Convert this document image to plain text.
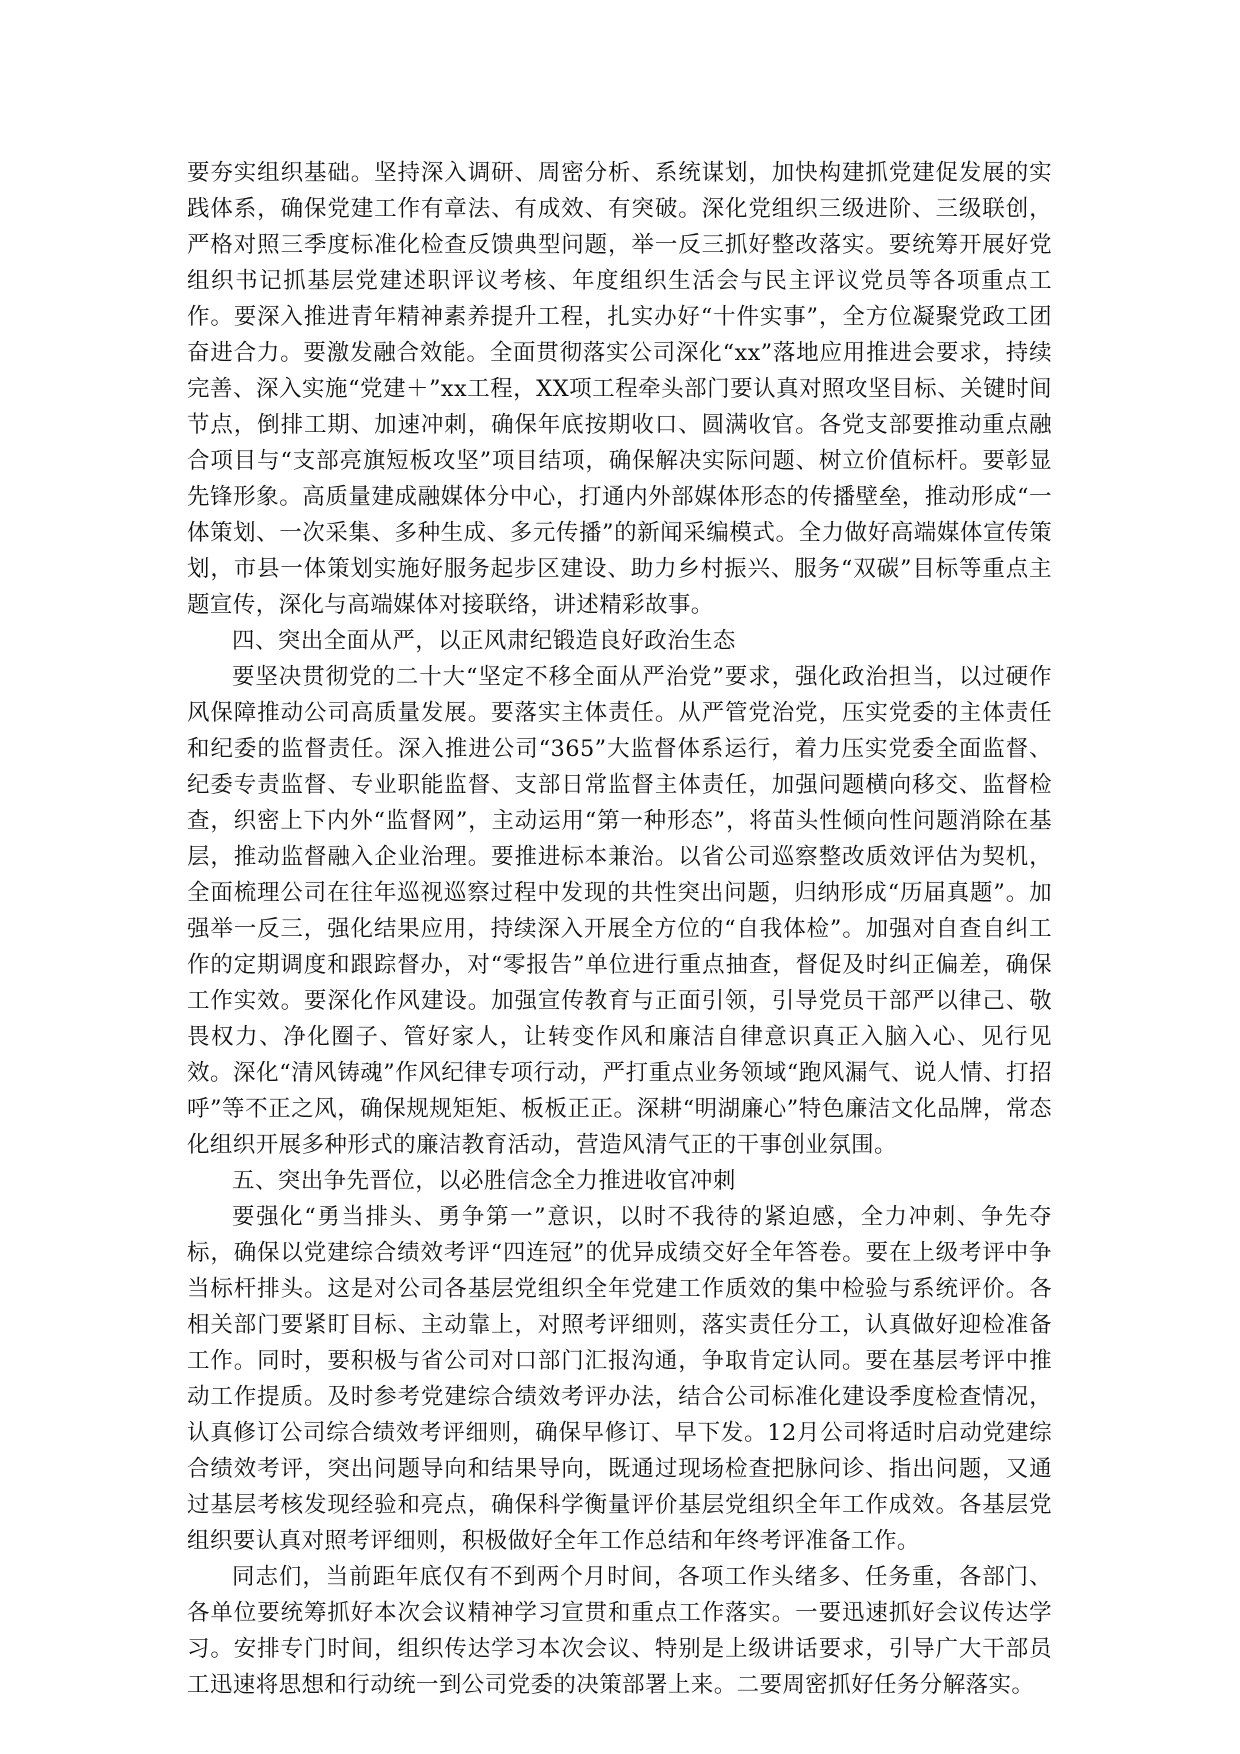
要夯实组织基础。坚持深入调研、周密分析、系统谋划，加快构建抓党建促发展的实践体系，确保党建工作有章法、有成效、有突破。深化党组织三级进阶、三级联创，严格对照三季度标准化检查反馈典型问题，举一反三抓好整改落实。要统筹开展好党组织书记抓基层党建述职评议考核、年度组织生活会与民主评议党员等各项重点工作。要深入推进青年精神素养提升工程，扎实办好“十件实事”，全方位凝聚党政工团奋进合力。要激发融合效能。全面贯彻落实公司深化“xx”落地应用推进会要求，持续完善、深入实施“党建＋”xx工程，XX项工程牵头部门要认真对照攻坚目标、关键时间节点，倒排工期、加速冲刺，确保年底按期收口、圆满收官。各党支部要推动重点融合项目与“支部亮旗短板攻坚”项目结项，确保解决实际问题、树立价值标杆。要彰显先锋形象。高质量建成融媒体分中心，打通内外部媒体形态的传播壁垒，推动形成“一体策划、一次采集、多种生成、多元传播”的新闻采编模式。全力做好高端媒体宣传策划，市县一体策划实施好服务起步区建设、助力乡村振兴、服务“双碳”目标等重点主题宣传，深化与高端媒体对接联络，讲述精彩故事。

四、突出全面从严，以正风肃纪锻造良好政治生态

要坚决贯彻党的二十大“坚定不移全面从严治党”要求，强化政治担当，以过硬作风保障推动公司高质量发展。要落实主体责任。从严管党治党，压实党委的主体责任和纪委的监督责任。深入推进公司“365”大监督体系运行，着力压实党委全面监督、纪委专责监督、专业职能监督、支部日常监督主体责任，加强问题横向移交、监督检查，织密上下内外“监督网”，主动运用“第一种形态”，将苗头性倾向性问题消除在基层，推动监督融入企业治理。要推进标本兼治。以省公司巡察整改质效评估为契机，全面梳理公司在往年巡视巡察过程中发现的共性突出问题，归纳形成“历届真题”。加强举一反三，强化结果应用，持续深入开展全方位的“自我体检”。加强对自查自纠工作的定期调度和跟踪督办，对“零报告”单位进行重点抽查，督促及时纠正偏差，确保工作实效。要深化作风建设。加强宣传教育与正面引领，引导党员干部严以律己、敬畏权力、净化圈子、管好家人，让转变作风和廉洁自律意识真正入脑入心、见行见效。深化“清风铸魂”作风纪律专项行动，严打重点业务领域“跑风漏气、说人情、打招呼”等不正之风，确保规规矩矩、板板正正。深耕“明湖廉心”特色廉洁文化品牌，常态化组织开展多种形式的廉洁教育活动，营造风清气正的干事创业氛围。

五、突出争先晋位，以必胜信念全力推进收官冲刺

要强化“勇当排头、勇争第一”意识，以时不我待的紧迫感，全力冲刺、争先夺标，确保以党建综合绩效考评“四连冠”的优异成绩交好全年答卷。要在上级考评中争当标杆排头。这是对公司各基层党组织全年党建工作质效的集中检验与系统评价。各相关部门要紧盯目标、主动靠上，对照考评细则，落实责任分工，认真做好迎检准备工作。同时，要积极与省公司对口部门汇报沟通，争取肯定认同。要在基层考评中推动工作提质。及时参考党建综合绩效考评办法，结合公司标准化建设季度检查情况，认真修订公司综合绩效考评细则，确保早修订、早下发。12月公司将适时启动党建综合绩效考评，突出问题导向和结果导向，既通过现场检查把脉问诊、指出问题，又通过基层考核发现经验和亮点，确保科学衡量评价基层党组织全年工作成效。各基层党组织要认真对照考评细则，积极做好全年工作总结和年终考评准备工作。

同志们，当前距年底仅有不到两个月时间，各项工作头绪多、任务重，各部门、各单位要统筹抓好本次会议精神学习宣贯和重点工作落实。一要迅速抓好会议传达学习。安排专门时间，组织传达学习本次会议、特别是上级讲话要求，引导广大干部员工迅速将思想和行动统一到公司党委的决策部署上来。二要周密抓好任务分解落实。
